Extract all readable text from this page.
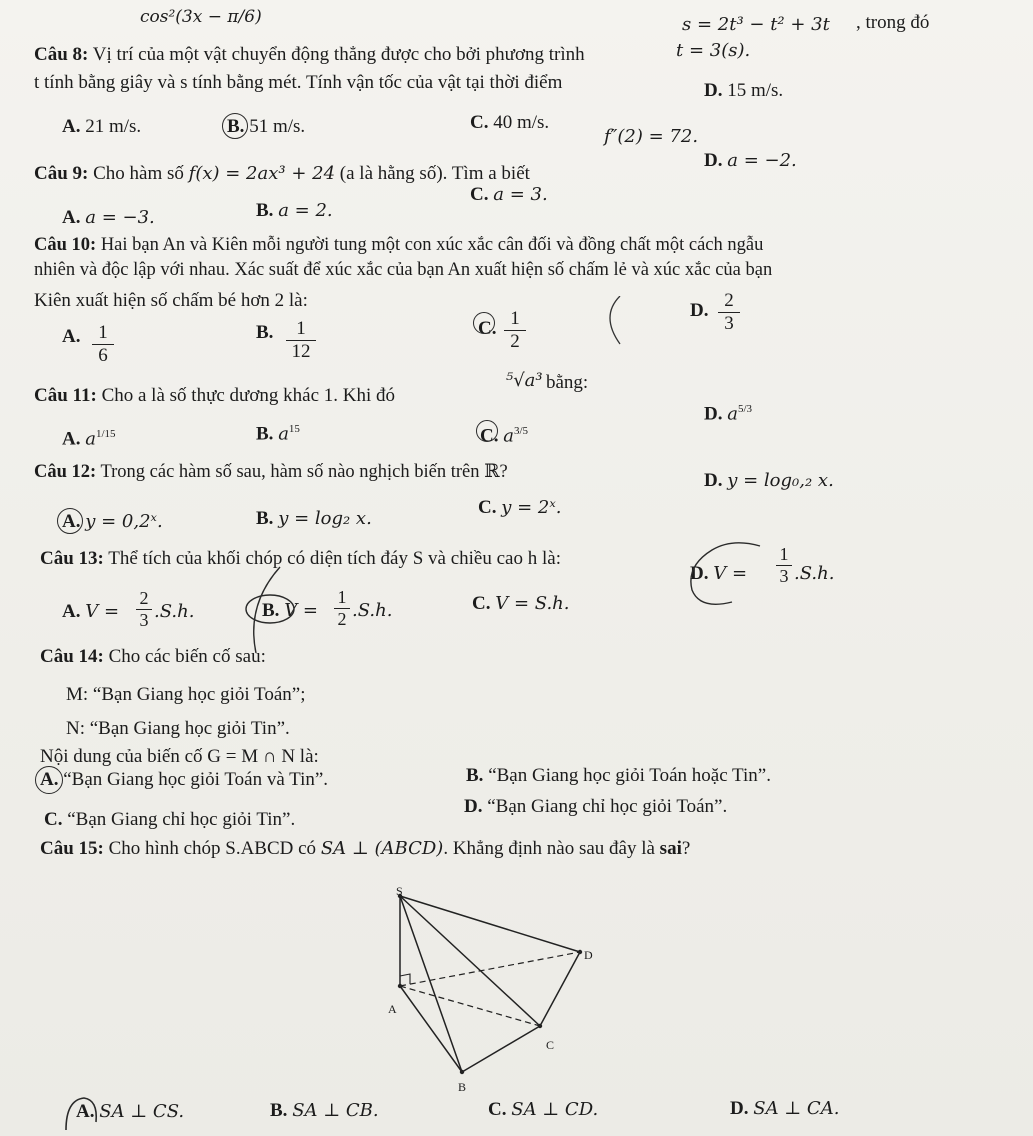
cos²(3x − π/6)
Câu 8: Vị trí của một vật chuyển động thẳng được cho bởi phương trình
s = 2t³ − t² + 3t , trong đó
t tính bằng giây và s tính bằng mét. Tính vận tốc của vật tại thời điểm
t = 3(s).
D. 15 m/s.
A. 21 m/s.	B. 51 m/s.	C. 40 m/s.
Câu 9: Cho hàm số f(x) = 2ax³ + 24 (a là hằng số). Tìm a biết
f″(2) = 72.
D. a = −2.
A. a = −3.	B. a = 2.
C. a = 3.
Câu 10: Hai bạn An và Kiên mỗi người tung một con xúc xắc cân đối và đồng chất một cách ngẫu
nhiên và độc lập với nhau. Xác suất để xúc xắc của bạn An xuất hiện số chấm lẻ và xúc xắc của bạn
Kiên xuất hiện số chấm bé hơn 2 là:
A. 1
6
B.	1
12
C. 1
2
D. 2
3
Câu 11: Cho a là số thực dương khác 1. Khi đó
⁵√a³ bằng:
A. $a^{1/15}$	B. $a^{15}$	C. $a^{3/5}$
D. $a^{5/3}$
Câu 12: Trong các hàm số sau, hàm số nào nghịch biến trên ℝ?	D. y = log₀,₂ x.
A. y = 0,2ˣ.	B. y = log₂ x.
C. y = 2ˣ.
Câu 13: Thể tích của khối chóp có diện tích đáy S và chiều cao h là:
A. V =
2
3 .S.h.	B. V =
1
2 .S.h.	C. V = S.h.
D. V =
1
3 .S.h.
Câu 14: Cho các biến cố sau:
M: “Bạn Giang học giỏi Toán”;
N: “Bạn Giang học giỏi Tin”.
Nội dung của biến cố G = M ∩ N là:
A. “Bạn Giang học giỏi Toán và Tin”.	B. “Bạn Giang học giỏi Toán hoặc Tin”.
C. “Bạn Giang chỉ học giỏi Tin”.
D. “Bạn Giang chỉ học giỏi Toán”.
Câu 15: Cho hình chóp S.ABCD có SA ⊥ (ABCD). Khẳng định nào sau đây là sai?
S
D
A
C
B
A. SA ⊥ CS.	B. SA ⊥ CB.	C. SA ⊥ CD.	D. SA ⊥ CA.
